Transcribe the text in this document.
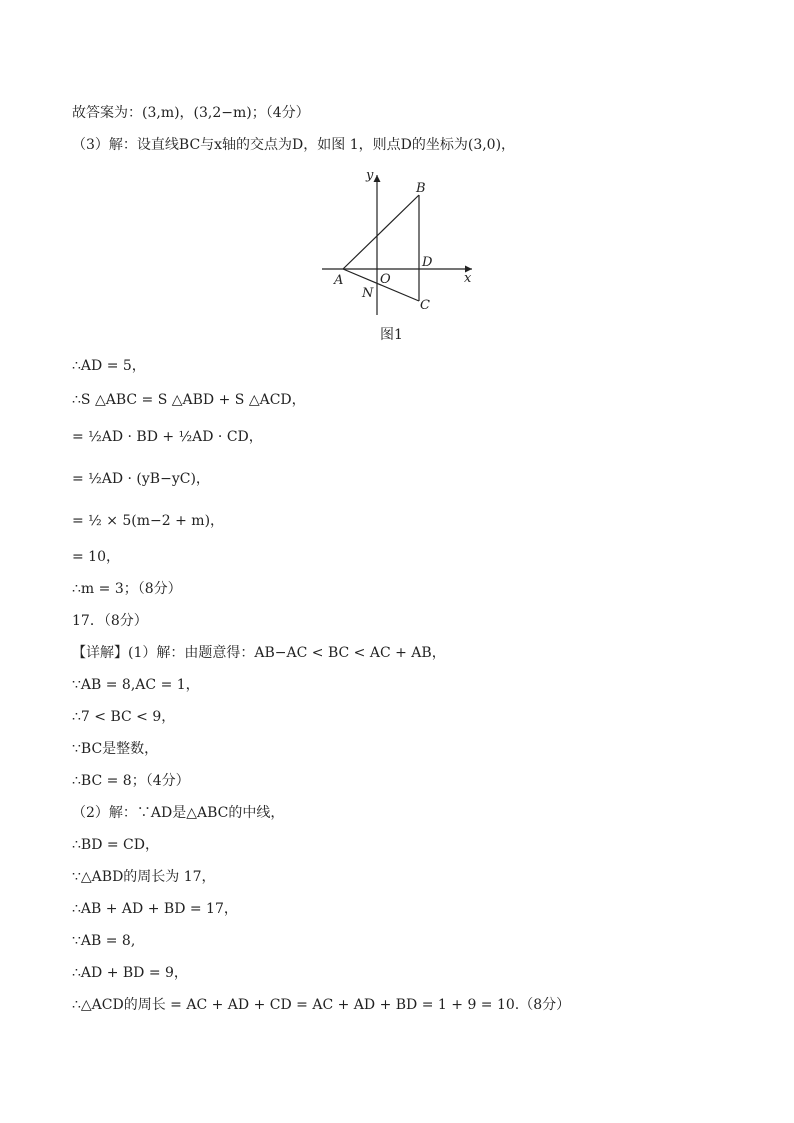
故答案为：(3,m)，(3,2−m)；（4分）
（3）解：设直线BC与x轴的交点为D，如图 1，则点D的坐标为(3,0)，
∴AD = 5，
∴S △ABC = S △ABD + S △ACD，
= ½AD · BD + ½AD · CD，
= ½AD · (yB−yC)，
= ½ × 5(m−2 + m)，
= 10，
∴m = 3；（8分）
17．（8分）
【详解】(1）解：由题意得：AB−AC < BC < AC + AB，
∵AB = 8,AC = 1，
∴7 < BC < 9，
∵BC是整数，
∴BC = 8；（4分）
（2）解：∵AD是△ABC的中线，
∴BD = CD，
∵△ABD的周长为 17，
∴AB + AD + BD = 17，
∵AB = 8,
∴AD + BD = 9，
∴△ACD的周长 = AC + AD + CD = AC + AD + BD = 1 + 9 = 10.（8分）
y
x
B
A
C
D
O
N
图1
